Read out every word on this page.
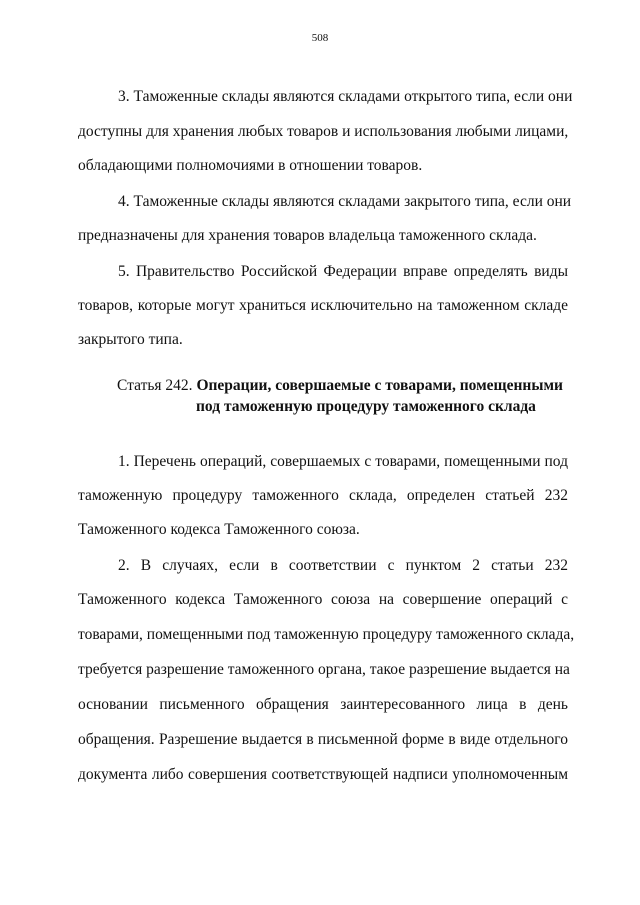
508
3. Таможенные склады являются складами открытого типа, если они
доступны для хранения любых товаров и использования любыми лицами,
обладающими полномочиями в отношении товаров.
4. Таможенные склады являются складами закрытого типа, если они
предназначены для хранения товаров владельца таможенного склада.
5. Правительство Российской Федерации вправе определять виды
товаров, которые могут храниться исключительно на таможенном складе
закрытого типа.
Статья 242. Операции, совершаемые с товарами, помещенными
под таможенную процедуру таможенного склада
1. Перечень операций, совершаемых с товарами, помещенными под
таможенную процедуру таможенного склада, определен статьей 232
Таможенного кодекса Таможенного союза.
2. В случаях, если в соответствии с пунктом 2 статьи 232
Таможенного кодекса Таможенного союза на совершение операций с
товарами, помещенными под таможенную процедуру таможенного склада,
требуется разрешение таможенного органа, такое разрешение выдается на
основании письменного обращения заинтересованного лица в день
обращения. Разрешение выдается в письменной форме в виде отдельного
документа либо совершения соответствующей надписи уполномоченным
